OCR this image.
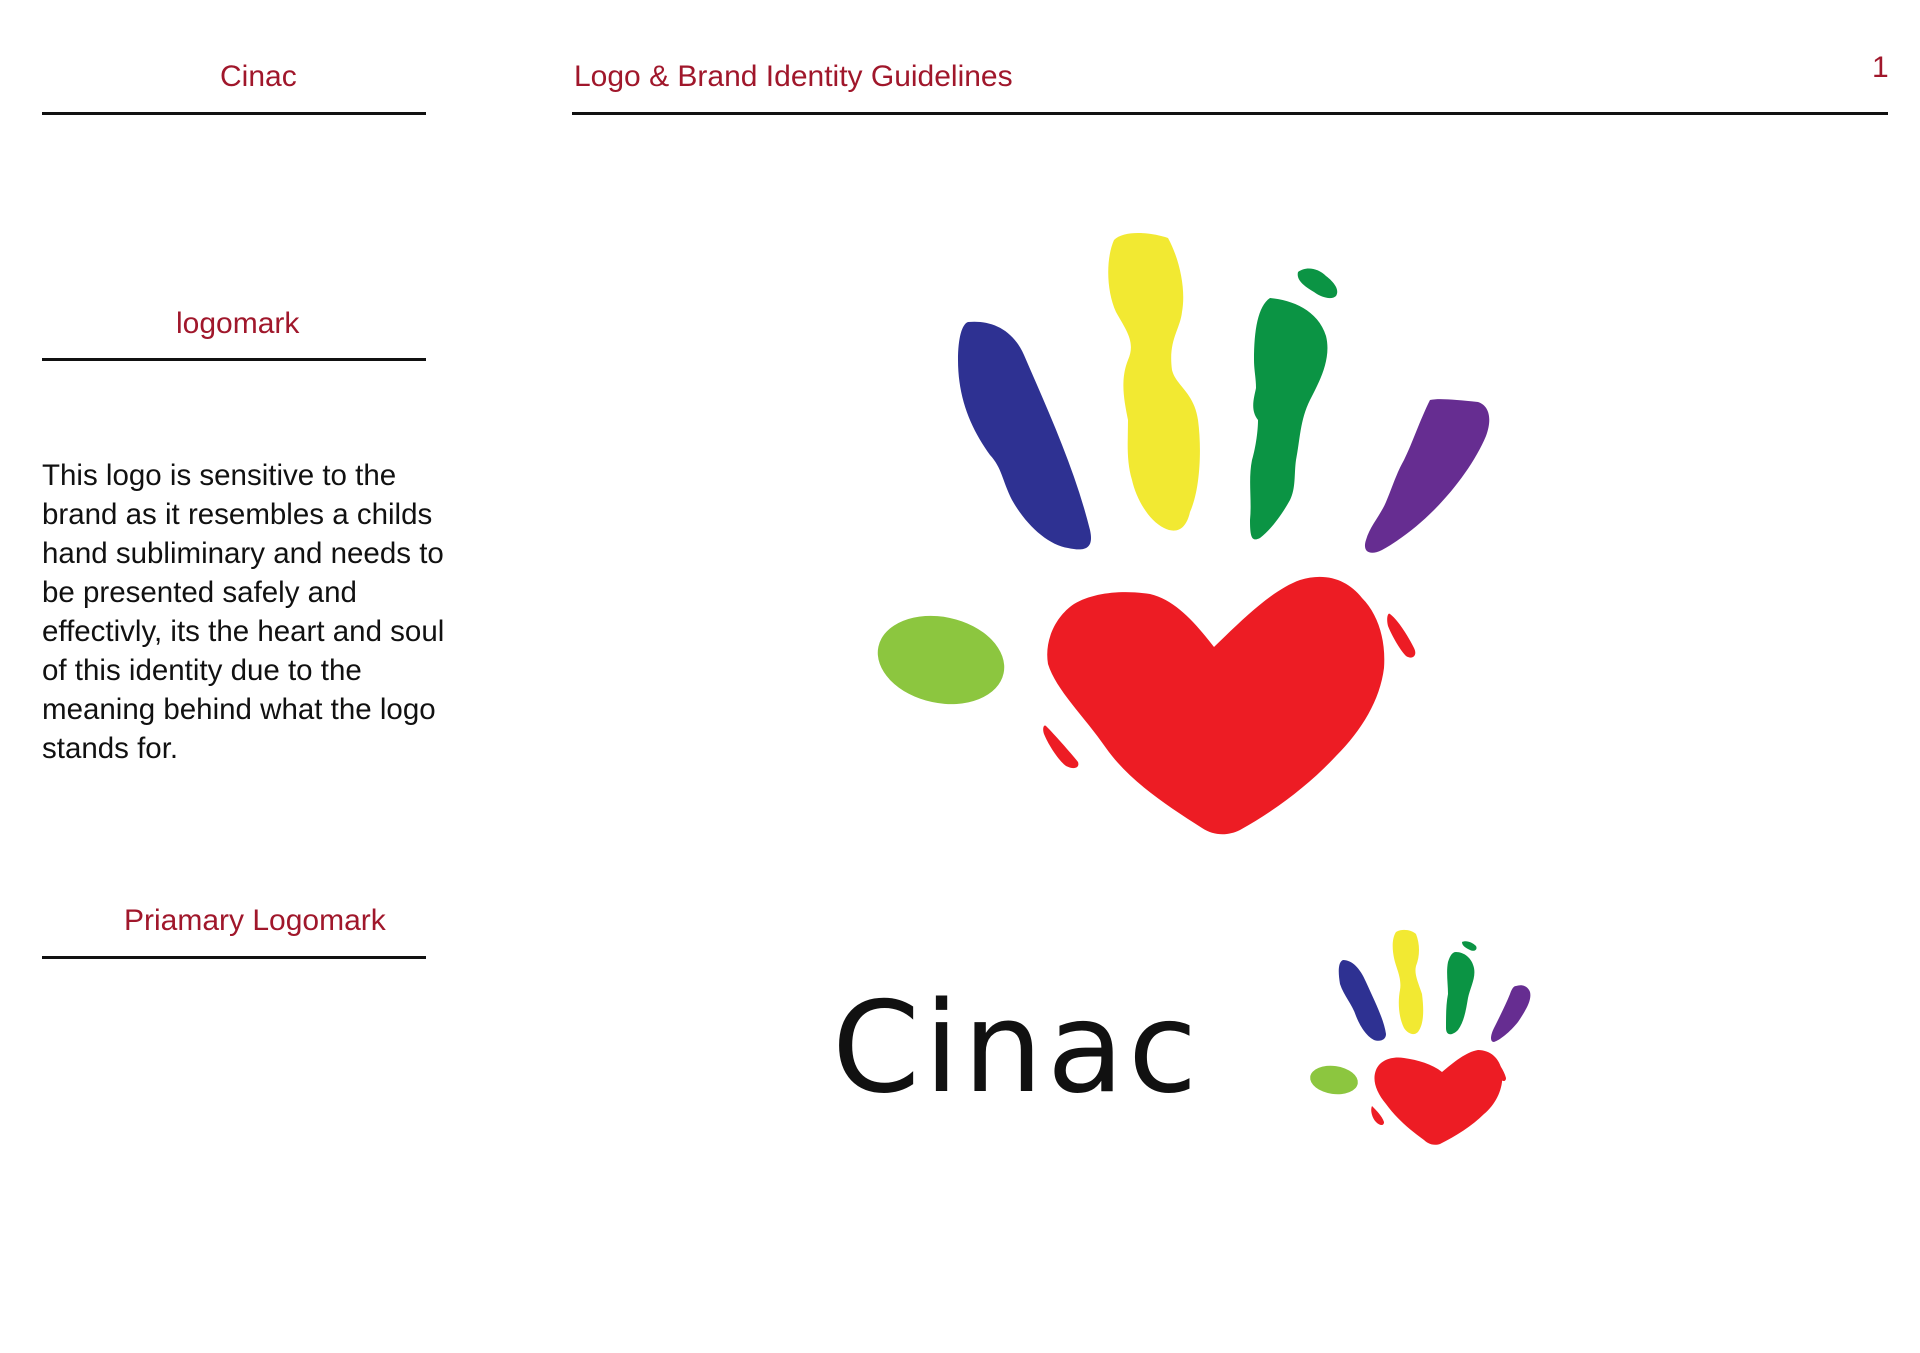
Cinac	Logo & Brand Identity Guidelines	1
logomark
This logo is sensitive to the brand as it resembles a childs hand subliminary and needs to be presented safely and effectivly, its the heart and soul of this identity due to the meaning behind what the logo stands for.
Priamary Logomark
Cinac
